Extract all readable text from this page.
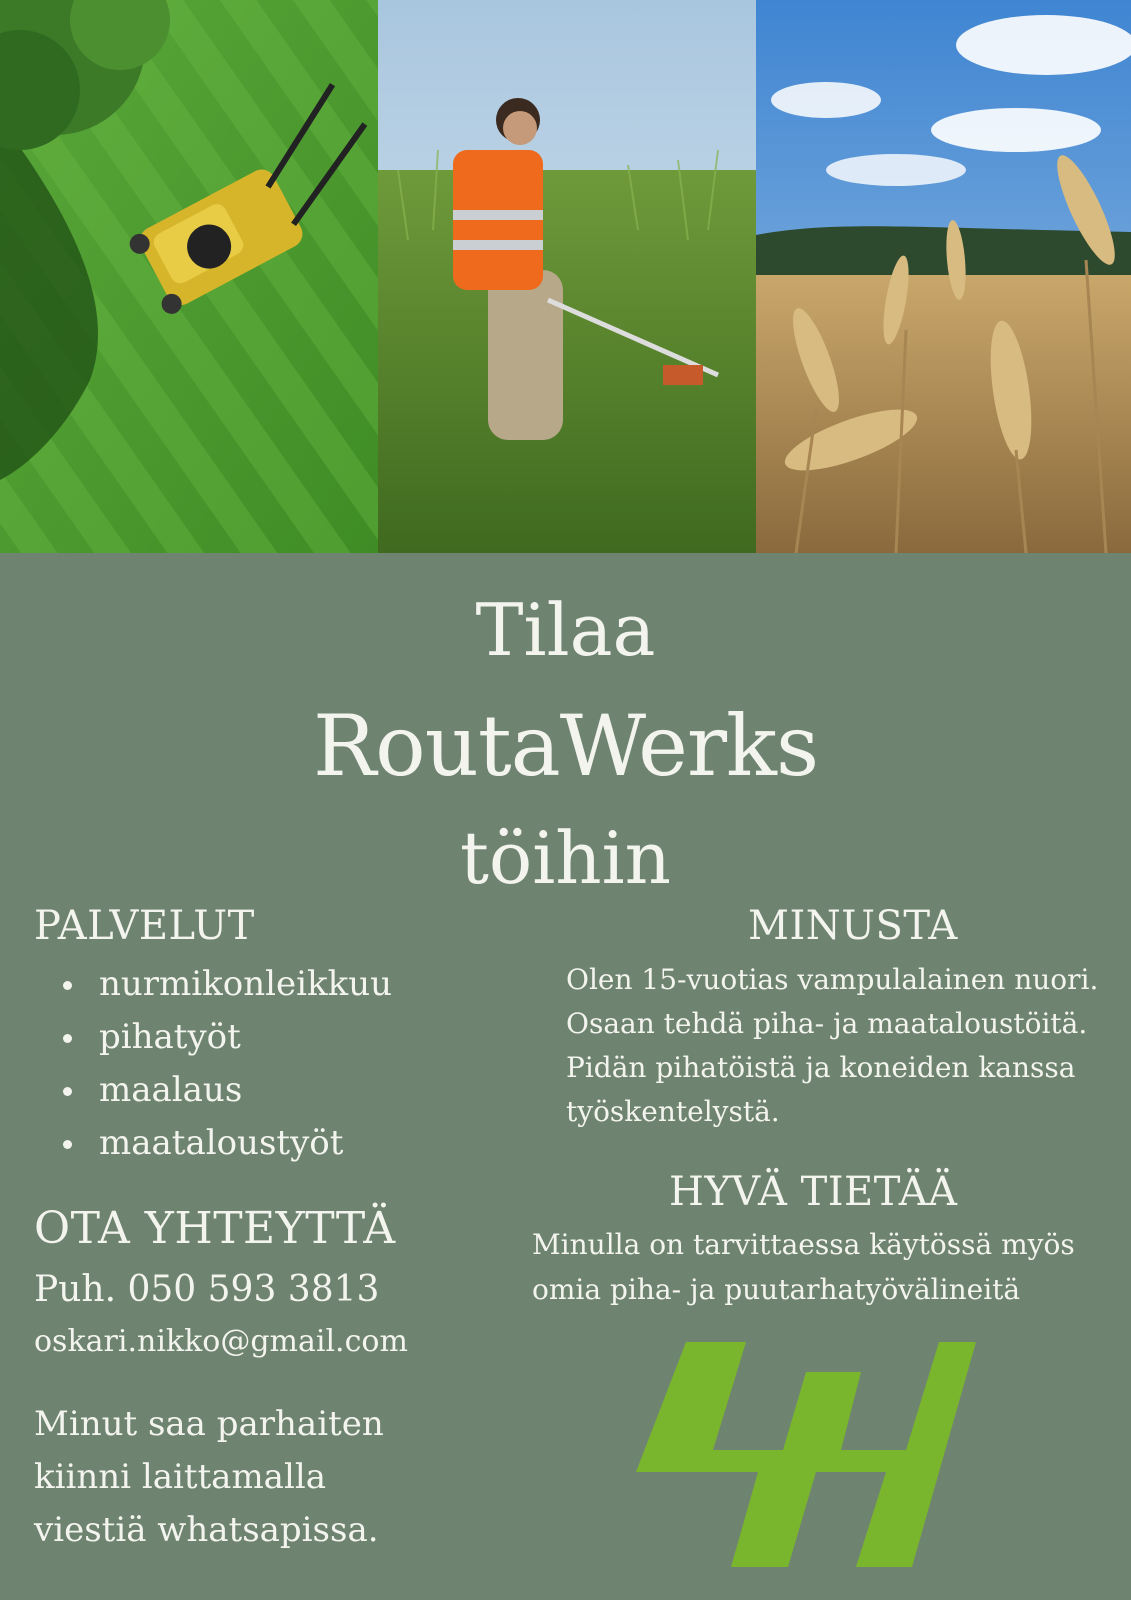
Tilaa
RoutaWerks
töihin
PALVELUT
nurmikonleikkuu
pihatyöt
maalaus
maataloustyöt
OTA YHTEYTTÄ
Puh. 050 593 3813
oskari.nikko@gmail.com
Minut saa parhaiten
kiinni laittamalla
viestiä whatsapissa.
MINUSTA
Olen 15-vuotias vampulalainen nuori.
Osaan tehdä piha- ja maataloustöitä.
Pidän pihatöistä ja koneiden kanssa
työskentelystä.
HYVÄ TIETÄÄ
Minulla on tarvittaessa käytössä myös
omia piha- ja puutarhatyövälineitä
